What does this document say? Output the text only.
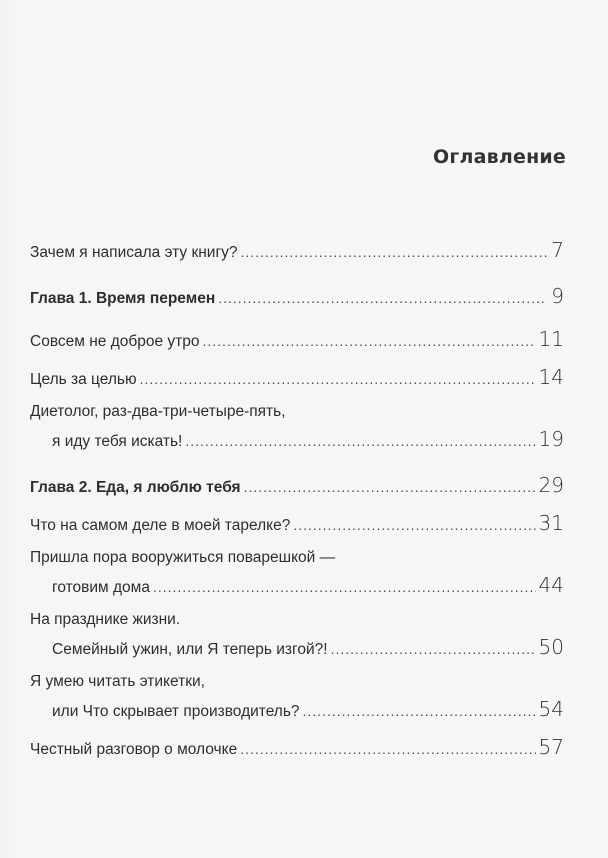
Оглавление
Зачем я написала эту книгу? .....	7
Глава 1. Время перемен .....	9
Совсем не доброе утро .....	11
Цель за целью .....	14
Диетолог, раз-два-три-четыре-пять,
я иду тебя искать! .....	19
Глава 2. Еда, я люблю тебя .....	29
Что на самом деле в моей тарелке? .....	31
Пришла пора вооружиться поварешкой —
готовим дома .....	44
На празднике жизни.
Семейный ужин, или Я теперь изгой?! .....	50
Я умею читать этикетки,
или Что скрывает производитель? .....	54
Честный разговор о молочке .....	57
